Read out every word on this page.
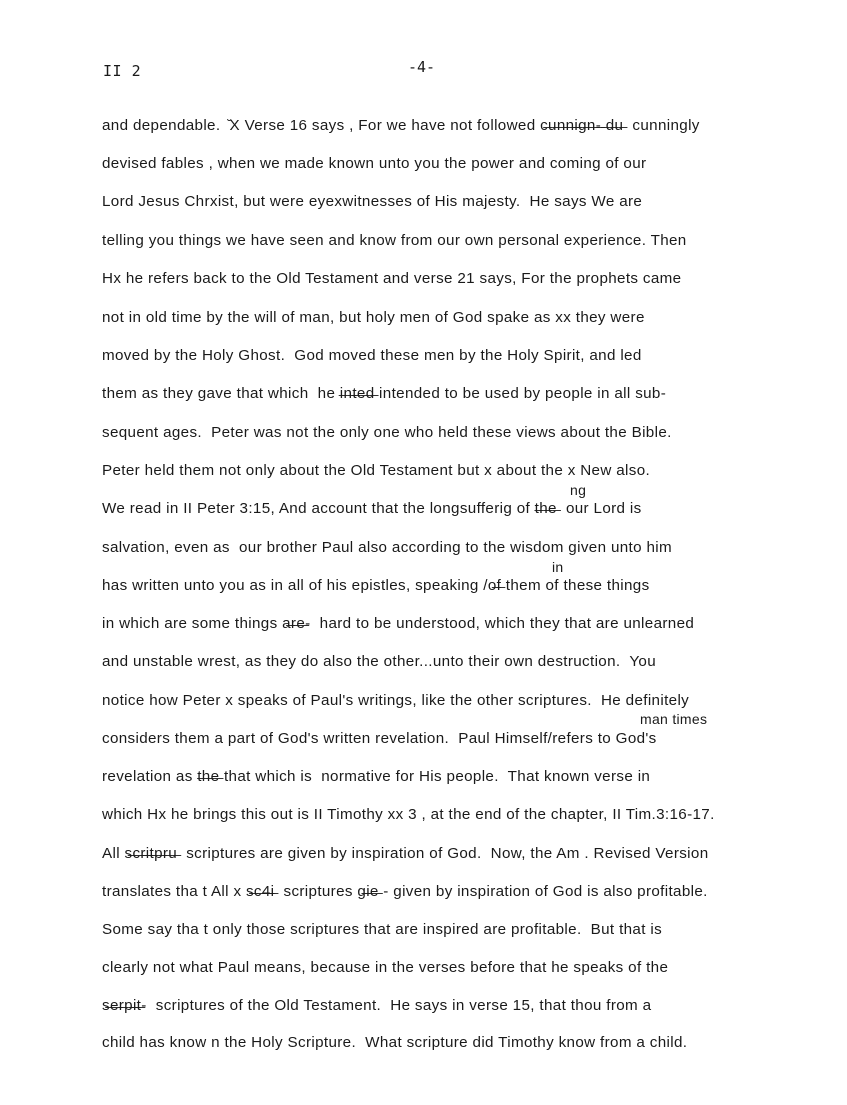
II 2	-4-
and dependable.  ̆X Verse 16 says , For we have not followed c̶u̶n̶n̶i̶g̶n̶-̶ ̶d̶u̶  cunningly
devised fables , when we made known unto you the power and coming of our
Lord Jesus Chrxist, but were eyexwitnesses of His majesty.  He says We are
telling you things we have seen and know from our own personal experience. Then
Hx he refers back to the Old Testament and verse 21 says, For the prophets came
not in old time by the will of man, but holy men of God spake as xx they were
moved by the Holy Ghost.  God moved these men by the Holy Spirit, and led
them as they gave that which  he i̶n̶t̶e̶d̶ intended to be used by people in all sub-
sequent ages.  Peter was not the only one who held these views about the Bible.
Peter held them not only about the Old Testament but x about the x New also.
We read in II Peter 3:15, And account that the longsufferig of t̶h̶e̶  our Lord is
salvation, even as  our brother Paul also according to the wisdom given unto him
has written unto you as in all of his epistles, speaking /o̶f̶ them of these things
in which are some things a̶r̶e̶-  hard to be understood, which they that are unlearned
and unstable wrest, as they do also the other...unto their own destruction.  You
notice how Peter x speaks of Paul's writings, like the other scriptures.  He definitely
considers them a part of God's written revelation.  Paul Himself/refers to God's
revelation as t̶h̶e̶ that which is  normative for His people.  That known verse in
which Hx he brings this out is II Timothy xx 3 , at the end of the chapter, II Tim.3:16-17.
All s̶c̶r̶i̶t̶p̶r̶u̶  scriptures are given by inspiration of God.  Now, the Am . Revised Version
translates tha t All x s̶c̶4̶i̶  scriptures g̶i̶e̶ - given by inspiration of God is also profitable.
Some say tha t only those scriptures that are inspired are profitable.  But that is
clearly not what Paul means, because in the verses before that he speaks of the
s̶e̶r̶p̶i̶t̶-  scriptures of the Old Testament.  He says in verse 15, that thou from a
child has know n the Holy Scripture.  What scripture did Timothy know from a child.
ng
in
man times
